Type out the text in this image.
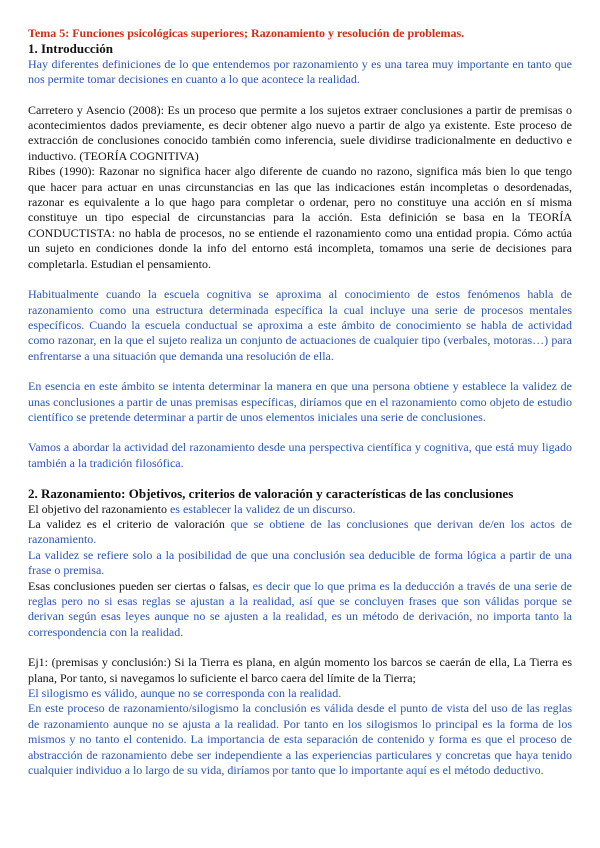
Tema 5: Funciones psicológicas superiores; Razonamiento y resolución de problemas.

1. Introducción

Hay diferentes definiciones de lo que entendemos por razonamiento y es una tarea muy importante en tanto que nos permite tomar decisiones en cuanto a lo que acontece la realidad.

Carretero y Asencio (2008): Es un proceso que permite a los sujetos extraer conclusiones a partir de premisas o acontecimientos dados previamente, es decir obtener algo nuevo a partir de algo ya existente. Este proceso de extracción de conclusiones conocido también como inferencia, suele dividirse tradicionalmente en deductivo e inductivo. (TEORÍA COGNITIVA)

Ribes (1990): Razonar no significa hacer algo diferente de cuando no razono, significa más bien lo que tengo que hacer para actuar en unas circunstancias en las que las indicaciones están incompletas o desordenadas, razonar es equivalente a lo que hago para completar o ordenar, pero no constituye una acción en sí misma constituye un tipo especial de circunstancias para la acción. Esta definición se basa en la TEORÍA CONDUCTISTA: no habla de procesos, no se entiende el razonamiento como una entidad propia. Cómo actúa un sujeto en condiciones donde la info del entorno está incompleta, tomamos una serie de decisiones para completarla. Estudian el pensamiento.

Habitualmente cuando la escuela cognitiva se aproxima al conocimiento de estos fenómenos habla de razonamiento como una estructura determinada específica la cual incluye una serie de procesos mentales específicos. Cuando la escuela conductual se aproxima a este ámbito de conocimiento se habla de actividad como razonar, en la que el sujeto realiza un conjunto de actuaciones de cualquier tipo (verbales, motoras…) para enfrentarse a una situación que demanda una resolución de ella.

En esencia en este ámbito se intenta determinar la manera en que una persona obtiene y establece la validez de unas conclusiones a partir de unas premisas específicas, diríamos que en el razonamiento como objeto de estudio científico se pretende determinar a partir de unos elementos iniciales una serie de conclusiones.

Vamos a abordar la actividad del razonamiento desde una perspectiva científica y cognitiva, que está muy ligado también a la tradición filosófica.

2. Razonamiento: Objetivos, criterios de valoración y características de las conclusiones

El objetivo del razonamiento es establecer la validez de un discurso.

La validez es el criterio de valoración que se obtiene de las conclusiones que derivan de/en los actos de razonamiento.

La validez se refiere solo a la posibilidad de que una conclusión sea deducible de forma lógica a partir de una frase o premisa.

Esas conclusiones pueden ser ciertas o falsas, es decir que lo que prima es la deducción a través de una serie de reglas pero no si esas reglas se ajustan a la realidad, así que se concluyen frases que son válidas porque se derivan según esas leyes aunque no se ajusten a la realidad, es un método de derivación, no importa tanto la correspondencia con la realidad.

Ej1: (premisas y conclusión:) Si la Tierra es plana, en algún momento los barcos se caerán de ella, La Tierra es plana, Por tanto, si navegamos lo suficiente el barco caera del límite de la Tierra;

El silogismo es válido, aunque no se corresponda con la realidad.

En este proceso de razonamiento/silogismo la conclusión es válida desde el punto de vista del uso de las reglas de razonamiento aunque no se ajusta a la realidad. Por tanto en los silogismos lo principal es la forma de los mismos y no tanto el contenido. La importancia de esta separación de contenido y forma es que el proceso de abstracción de razonamiento debe ser independiente a las experiencias particulares y concretas que haya tenido cualquier individuo a lo largo de su vida, diríamos por tanto que lo importante aquí es el método deductivo.
